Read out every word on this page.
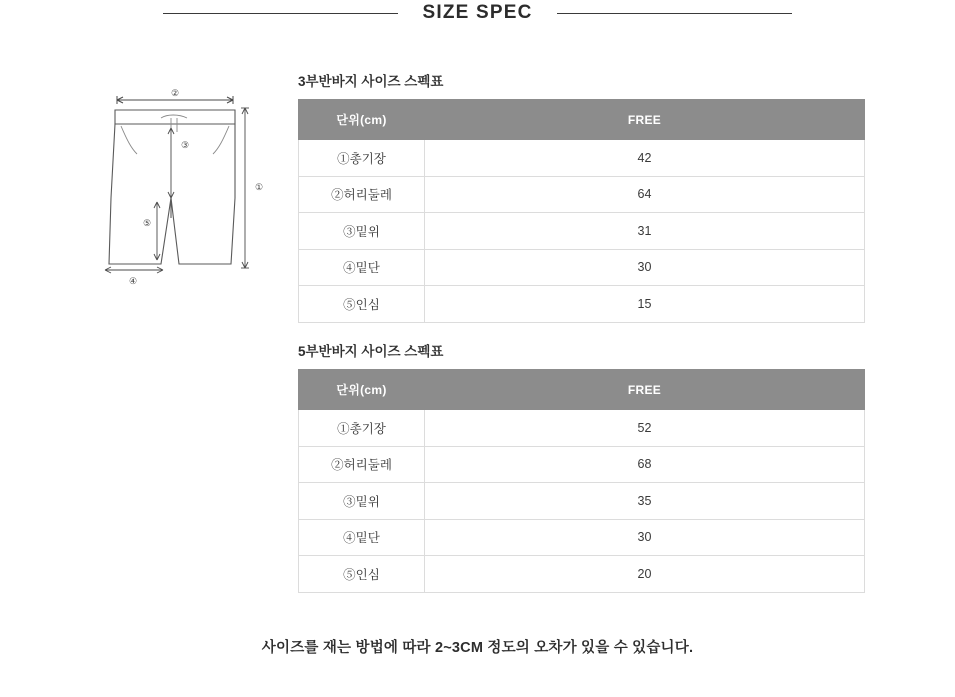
SIZE SPEC
②
③
⑤
①
④
3부반바지 사이즈 스펙표
단위(cm)	FREE
①총기장	42
②허리둘레	64
③밑위	31
④밑단	30
⑤인심	15
5부반바지 사이즈 스펙표
단위(cm)	FREE
①총기장	52
②허리둘레	68
③밑위	35
④밑단	30
⑤인심	20
사이즈를 재는 방법에 따라 2~3CM 정도의 오차가 있을 수 있습니다.
